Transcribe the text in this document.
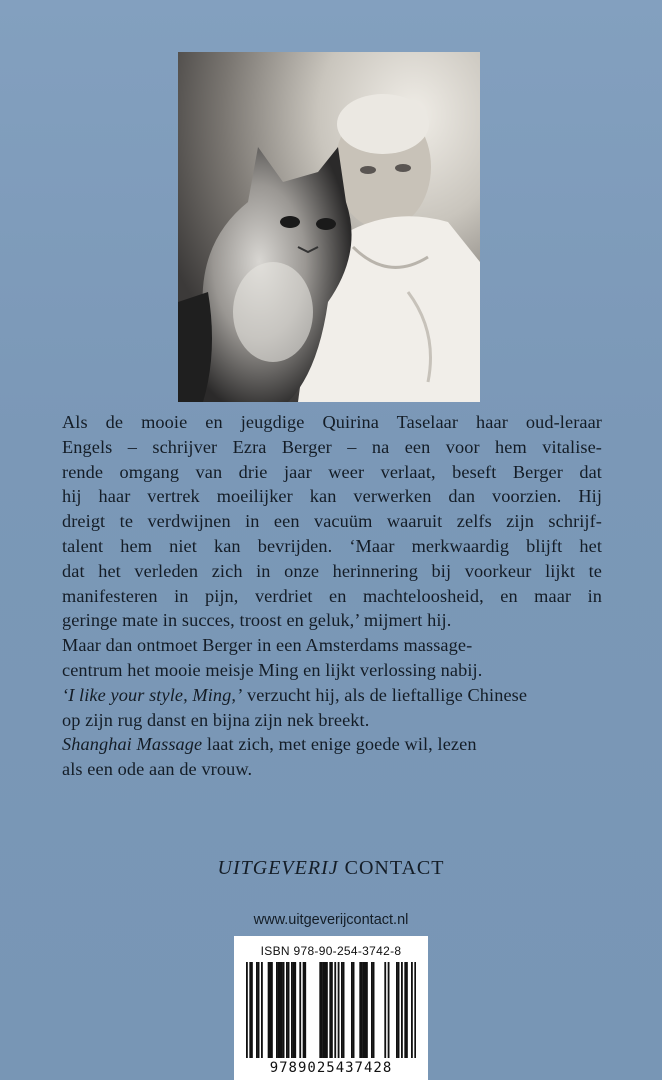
Als de mooie en jeugdige Quirina Taselaar haar oud-leraar
Engels – schrijver Ezra Berger – na een voor hem vitalise-
rende omgang van drie jaar weer verlaat, beseft Berger dat
hij haar vertrek moeilijker kan verwerken dan voorzien. Hij
dreigt te verdwijnen in een vacuüm waaruit zelfs zijn schrijf-
talent hem niet kan bevrijden. ‘Maar merkwaardig blijft het
dat het verleden zich in onze herinnering bij voorkeur lijkt te
manifesteren in pijn, verdriet en machteloosheid, en maar in
geringe mate in succes, troost en geluk,’ mijmert hij.
Maar dan ontmoet Berger in een Amsterdams massage-
centrum het mooie meisje Ming en lijkt verlossing nabij.
‘I like your style, Ming,’ verzucht hij, als de lieftallige Chinese
op zijn rug danst en bijna zijn nek breekt.
Shanghai Massage laat zich, met enige goede wil, lezen
als een ode aan de vrouw.
UITGEVERIJ CONTACT
www.uitgeverijcontact.nl
ISBN 978-90-254-3742-8
9789025437428
